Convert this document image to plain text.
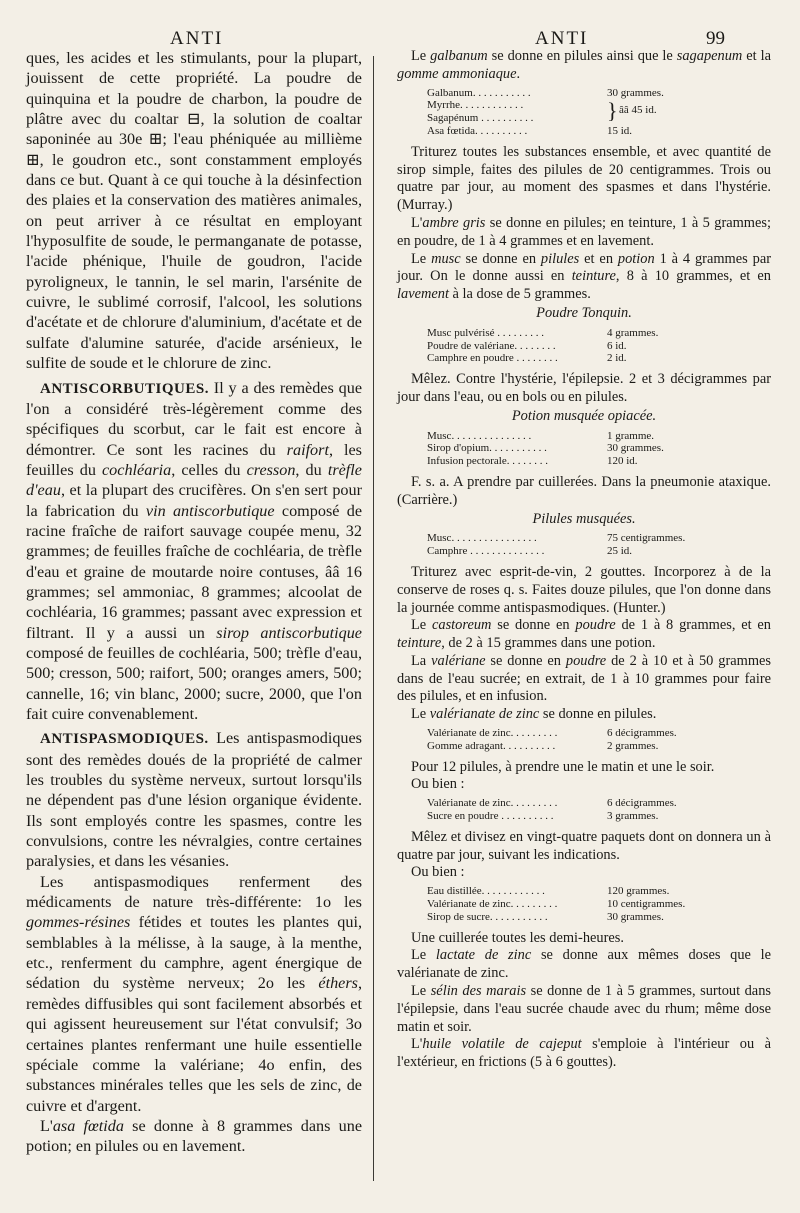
ANTI	ANTI	99

ques, les acides et les stimulants, pour la plupart, jouissent de cette propriété. La poudre de quinquina et la poudre de charbon, la poudre de plâtre avec du coaltar ⊟, la solution de coaltar saponinée au 30e ⊞; l'eau phéniquée au millième ⊞, le goudron etc., sont constamment employés dans ce but. Quant à ce qui touche à la désinfection des plaies et la conservation des matières animales, on peut arriver à ce résultat en employant l'hyposulfite de soude, le permanganate de potasse, l'acide phénique, l'huile de goudron, l'acide pyroligneux, le tannin, le sel marin, l'arsénite de cuivre, le sublimé corrosif, l'alcool, les solutions d'acétate et de chlorure d'aluminium, d'acétate et de sulfate d'alumine saturée, d'acide arsénieux, le sulfite de soude et le chlorure de zinc.

ANTISCORBUTIQUES. Il y a des remèdes que l'on a considéré très-légèrement comme des spécifiques du scorbut, car le fait est encore à démontrer. Ce sont les racines du raifort, les feuilles du cochléaria, celles du cresson, du trèfle d'eau, et la plupart des crucifères. On s'en sert pour la fabrication du vin antiscorbutique composé de racine fraîche de raifort sauvage coupée menu, 32 grammes; de feuilles fraîche de cochléaria, de trèfle d'eau et graine de moutarde noire contuses, ââ 16 grammes; sel ammoniac, 8 grammes; alcoolat de cochléaria, 16 grammes; passant avec expression et filtrant. Il y a aussi un sirop antiscorbutique composé de feuilles de cochléaria, 500; trèfle d'eau, 500; cresson, 500; raifort, 500; oranges amers, 500; cannelle, 16; vin blanc, 2000; sucre, 2000, que l'on fait cuire convenablement.

ANTISPASMODIQUES. Les antispasmodiques sont des remèdes doués de la propriété de calmer les troubles du système nerveux, surtout lorsqu'ils ne dépendent pas d'une lésion organique évidente. Ils sont employés contre les spasmes, contre les convulsions, contre les névralgies, contre certaines paralysies, et dans les vésanies.

Les antispasmodiques renferment des médicaments de nature très-différente: 1o les gommes-résines fétides et toutes les plantes qui, semblables à la mélisse, à la sauge, à la menthe, etc., renferment du camphre, agent énergique de sédation du système nerveux; 2o les éthers, remèdes diffusibles qui sont facilement absorbés et qui agissent heureusement sur l'état convulsif; 3o certaines plantes renfermant une huile essentielle spéciale comme la valériane; 4o enfin, des substances minérales telles que les sels de zinc, de cuivre et d'argent.

L'asa fœtida se donne à 8 grammes dans une potion; en pilules ou en lavement.

Le galbanum se donne en pilules ainsi que le sagapenum et la gomme ammoniaque.

Galbanum. . . . . . . . . . .	30 grammes.
Myrrhe. . . . . . . . . . . .
Sagapénum . . . . . . . . . .	} ââ 45 id.
Asa fœtida. . . . . . . . . .	15 id.

Triturez toutes les substances ensemble, et avec quantité de sirop simple, faites des pilules de 20 centigrammes. Trois ou quatre par jour, au moment des spasmes et dans l'hystérie. (Murray.)

L'ambre gris se donne en pilules; en teinture, 1 à 5 grammes; en poudre, de 1 à 4 grammes et en lavement.

Le musc se donne en pilules et en potion 1 à 4 grammes par jour. On le donne aussi en teinture, 8 à 10 grammes, et en lavement à la dose de 5 grammes.

Poudre Tonquin.
Musc pulvérisé . . . . . . . . .	4 grammes.
Poudre de valériane. . . . . . . .	6 id.
Camphre en poudre . . . . . . . .	2 id.

Mêlez. Contre l'hystérie, l'épilepsie. 2 et 3 décigrammes par jour dans l'eau, ou en bols ou en pilules.

Potion musquée opiacée.
Musc. . . . . . . . . . . . . . .	1 gramme.
Sirop d'opium. . . . . . . . . . .	30 grammes.
Infusion pectorale. . . . . . . .	120 id.

F. s. a. A prendre par cuillerées. Dans la pneumonie ataxique. (Carrière.)

Pilules musquées.
Musc. . . . . . . . . . . . . . . .	75 centigrammes.
Camphre . . . . . . . . . . . . . .	25 id.

Triturez avec esprit-de-vin, 2 gouttes. Incorporez à de la conserve de roses q. s. Faites douze pilules, que l'on donne dans la journée comme antispasmodiques. (Hunter.)

Le castoreum se donne en poudre de 1 à 8 grammes, et en teinture, de 2 à 15 grammes dans une potion.

La valériane se donne en poudre de 2 à 10 et à 50 grammes dans de l'eau sucrée; en extrait, de 1 à 10 grammes pour faire des pilules, et en infusion.

Le valérianate de zinc se donne en pilules.

Valérianate de zinc. . . . . . . . .	6 décigrammes.
Gomme adragant. . . . . . . . . .	2 grammes.

Pour 12 pilules, à prendre une le matin et une le soir.

Ou bien :

Valérianate de zinc. . . . . . . . .	6 décigrammes.
Sucre en poudre . . . . . . . . . .	3 grammes.

Mêlez et divisez en vingt-quatre paquets dont on donnera un à quatre par jour, suivant les indications.

Ou bien :

Eau distillée. . . . . . . . . . . .	120 grammes.
Valérianate de zinc. . . . . . . . .	10 centigrammes.
Sirop de sucre. . . . . . . . . . .	30 grammes.

Une cuillerée toutes les demi-heures.

Le lactate de zinc se donne aux mêmes doses que le valérianate de zinc.

Le sélin des marais se donne de 1 à 5 grammes, surtout dans l'épilepsie, dans l'eau sucrée chaude avec du rhum; même dose matin et soir.

L'huile volatile de cajeput s'emploie à l'intérieur ou à l'extérieur, en frictions (5 à 6 gouttes).
